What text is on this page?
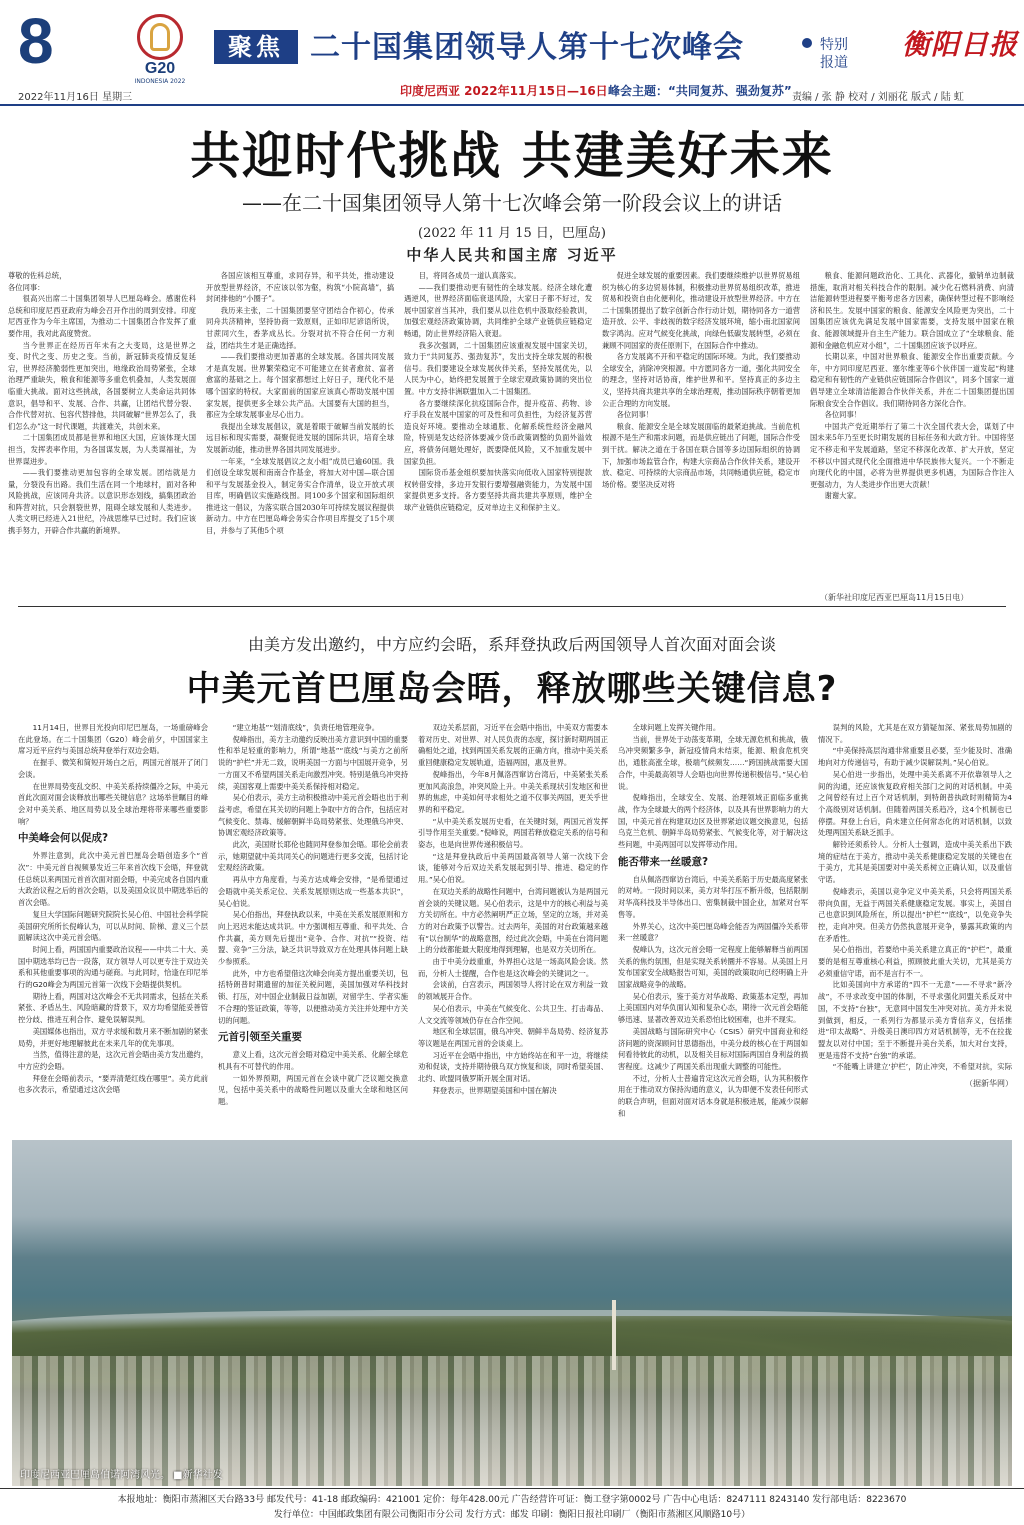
8	G20
INDONESIA 2022
聚焦 二十国集团领导人第十七次峰会	特别报道
衡阳日报
印度尼西亚 2022年11月15日—16日 峰会主题：“共同复苏、强劲复苏”
2022年11月16日 星期三	责编 / 张 静 校对 / 刘丽花 版式 / 陆 虹
共迎时代挑战 共建美好未来
——在二十国集团领导人第十七次峰会第一阶段会议上的讲话
(2022 年 11 月 15 日，巴厘岛)
中华人民共和国主席 习近平

尊敬的佐科总统，

各位同事：

很高兴出席二十国集团领导人巴厘岛峰会。感谢佐科总统和印度尼西亚政府为峰会召开作出的周到安排。印度尼西亚作为今年主席国，为推动二十国集团合作发挥了重要作用，我对此高度赞赏。

当今世界正在经历百年未有之大变局，这是世界之变、时代之变、历史之变。当前，新冠肺炎疫情反复延宕，世界经济脆弱性更加突出，地缘政治局势紧张，全球治理严重缺失，粮食和能源等多重危机叠加，人类发展面临重大挑战。面对这些挑战，各国要树立人类命运共同体意识，倡导和平、发展、合作、共赢，让团结代替分裂、合作代替对抗、包容代替排他，共同破解“世界怎么了，我们怎么办”这一时代课题，共渡难关，共创未来。

二十国集团成员都是世界和地区大国，应该体现大国担当，发挥表率作用，为各国谋发展，为人类谋福祉，为世界谋进步。

——我们要推动更加包容的全球发展。团结就是力量，分裂没有出路。我们生活在同一个地球村，面对各种风险挑战，应该同舟共济。以意识形态划线，搞集团政治和阵营对抗，只会割裂世界，阻碍全球发展和人类进步。人类文明已经进入21世纪，冷战思维早已过时。我们应该携手努力，开辟合作共赢的新境界。

各国应该相互尊重，求同存异，和平共处，推动建设开放型世界经济，不应该以邻为壑，构筑“小院高墙”，搞封闭排他的“小圈子”。

我历来主张，二十国集团要坚守团结合作初心，传承同舟共济精神，坚持协商一致原则，正如印尼谚语所说，甘蔗同穴生，香茅成丛长。分裂对抗不符合任何一方利益，团结共生才是正确选择。

——我们要推动更加普惠的全球发展。各国共同发展才是真发展。世界繁荣稳定不可能建立在贫者愈贫、富者愈富的基础之上。每个国家都想过上好日子，现代化不是哪个国家的特权。大家面前的国家应该真心帮助发展中国家发展，提供更多全球公共产品。大国要有大国的担当，都应为全球发展事业尽心出力。

我提出全球发展倡议，就是着眼于破解当前发展的长远目标和现实需要，凝聚促进发展的国际共识，培育全球发展新动能，推动世界各国共同发展进步。

一年来，“全球发展倡议之友小组”成员已逾60国。我们创设全球发展和南南合作基金，将加大对中国—联合国和平与发展基金投入，制定务实合作清单，设立开放式项目库，明确倡议实施路线图。同100多个国家和国际组织推进这一倡议，为落实联合国2030年可持续发展议程提供新动力。中方在巴厘岛峰会务实合作项目库提交了15个项目，并参与了其他5个项

目，将同各成员一道认真落实。

——我们要推动更有韧性的全球发展。经济全球化遭遇逆风，世界经济面临衰退风险，大家日子都不好过，发展中国家首当其冲，我们要从以往危机中汲取经验教训，加强宏观经济政策协调，共同维护全球产业链供应链稳定畅通，防止世界经济陷入衰退。

我多次强调，二十国集团应该重视发展中国家关切，致力于“共同复苏、强劲复苏”，发出支持全球发展的积极信号。我们要建设全球发展伙伴关系，坚持发展优先，以人民为中心，始终把发展置于全球宏观政策协调的突出位置。中方支持非洲联盟加入二十国集团。

各方要继续深化抗疫国际合作，提升疫苗、药物、诊疗手段在发展中国家的可及性和可负担性，为经济复苏营造良好环境。要推动全球通胀、化解系统性经济金融风险，特别是发达经济体要减少货币政策调整的负面外溢效应，将债务问题处理好，既要降低风险，又不加重发展中国家负担。

国际货币基金组织要加快落实向低收入国家特别提款权转借安排，多边开发银行要增强融资能力，为发展中国家提供更多支持。各方要坚持共商共建共享原则，维护全球产业链供应链稳定，反对单边主义和保护主义。

促进全球发展的重要因素。我们要继续维护以世界贸易组织为核心的多边贸易体制，积极推动世界贸易组织改革，推进贸易和投资自由化便利化，推动建设开放型世界经济。中方在二十国集团提出了数字创新合作行动计划，期待同各方一道营造开放、公平、非歧视的数字经济发展环境，缩小南北国家间数字鸿沟。应对气候变化挑战，向绿色低碳发展转型，必须在兼顾不同国家的责任原则下，在国际合作中推动。

各方发展离不开和平稳定的国际环境。为此，我们要推动全球安全，消除冲突根源。中方愿同各方一道，强化共同安全的理念，坚持对话协商，维护世界和平。坚持真正的多边主义，坚持共商共建共享的全球治理观，推动国际秩序朝着更加公正合理的方向发展。

各位同事！

粮食、能源安全是全球发展面临的最紧迫挑战。当前危机根源不是生产和需求问题，而是供应链出了问题，国际合作受到干扰。解决之道在于各国在联合国等多边国际组织的协调下，加强市场监管合作，构建大宗商品合作伙伴关系，建设开放、稳定、可持续的大宗商品市场，共同畅通供应链，稳定市场价格。要坚决反对将

粮食、能源问题政治化、工具化、武器化，撤销单边制裁措施，取消对相关科技合作的限制。减少化石燃料消费、向清洁能源转型进程要平衡考虑各方因素，确保转型过程不影响经济和民生。发展中国家的粮食、能源安全风险更为突出，二十国集团应该优先满足发展中国家需要，支持发展中国家在粮食、能源领域提升自主生产能力。联合国成立了“全球粮食、能源和金融危机应对小组”，二十国集团应该予以呼应。

长期以来，中国对世界粮食、能源安全作出重要贡献。今年，中方同印度尼西亚、塞尔维亚等6个伙伴国一道发起“构建稳定和有韧性的产业链供应链国际合作倡议”，同多个国家一道倡导建立全球清洁能源合作伙伴关系，并在二十国集团提出国际粮食安全合作倡议。我们期待同各方深化合作。

各位同事！

中国共产党近期举行了第二十次全国代表大会，谋划了中国未来5年乃至更长时期发展的目标任务和大政方针。中国将坚定不移走和平发展道路，坚定不移深化改革、扩大开放，坚定不移以中国式现代化全面推进中华民族伟大复兴。一个不断走向现代化的中国，必将为世界提供更多机遇，为国际合作注入更强动力，为人类进步作出更大贡献！

谢谢大家。

（新华社印度尼西亚巴厘岛11月15日电）
由美方发出邀约，中方应约会晤，系拜登执政后两国领导人首次面对面会谈
中美元首巴厘岛会晤，释放哪些关键信息?

11月14日，世界目光投向印尼巴厘岛，一场重磅峰会在此登场。在二十国集团（G20）峰会前夕，中国国家主席习近平应约与美国总统拜登举行双边会晤。

在握手、微笑和简短开场白之后，两国元首展开了闭门会谈。

在世界局势变乱交织、中美关系持续僵冷之际，中美元首此次面对面会谈释放出哪些关键信息？这场举世瞩目的峰会对中美关系、地区局势以及全球治理将带来哪些重要影响？

中美峰会何以促成?

外界注意到，此次中美元首巴厘岛会晤创造多个“首次”：中美元首自视频暴发近三年来首次线下会晤，拜登就任总统以来两国元首首次面对面会晤，中美完成各自国内重大政治议程之后的首次会晤，以及美国众议员中期选举后的首次会晤。

复旦大学国际问题研究院院长吴心伯、中国社会科学院美国研究所所长倪峰认为，可以从时间、阶梯、意义三个层面解读这次中美元首会晤。

时间上看，两国国内重要政治议程——中共二十大、美国中期选举均已告一段落，双方领导人可以更专注于双边关系和其他重要事项的沟通与磋商。与此同时，恰逢在印尼举行的G20峰会为两国元首第一次线下会晤提供契机。

期待上看，两国对这次峰会不无共同需求，包括在关系紧张、矛盾丛生、风险暗藏的背景下，双方均希望能妥善管控分歧、推进互利合作、避免误解误判。

美国媒体也指出，双方寻求缓和数月来不断加剧的紧张局势，并更好地理解彼此在未来几年的优先事项。

当然，值得注意的是，这次元首会晤由美方发出邀约，中方应约会晤。

拜登在会晤前表示，“要弄清楚红线在哪里”。美方此前也多次表示，希望通过这次会晤

“建立地基”“划清底线”，负责任地管理竞争。

倪峰指出，美方主动邀约反映出美方意识到中国的重要性和举足轻重的影响力，所谓“地基”“底线”与美方之前所说的“护栏”并无二致，说明美国一方面与中国展开竞争，另一方面又不希望两国关系走向激烈冲突。特别是俄乌冲突持续，美国客观上需要中美关系保持相对稳定。

吴心伯表示，美方主动积极推动中美元首会晤也出于利益考虑，希望在其关切的问题上争取中方的合作，包括应对气候变化、禁毒、缓解朝鲜半岛局势紧张、处理俄乌冲突、协调宏观经济政策等。

此次，美国财长耶伦也随同拜登参加会晤。耶伦会前表示，她期望就中美共同关心的问题进行更多交流，包括讨论宏观经济政策。

再从中方角度看，与美方达成峰会安排，“是希望通过会晤就中美关系定位、关系发展原则达成一些基本共识”，吴心伯说。

吴心伯指出，拜登执政以来，中美在关系发展原则和方向上迟迟未能达成共识。中方强调相互尊重、和平共处、合作共赢，美方则先后提出“竞争、合作、对抗”“投资、结盟、竞争”三分法，缺乏共识导致双方在处理具体问题上缺少参照系。

此外，中方也希望借这次峰会向美方提出重要关切，包括特朗普时期遗留的加征关税问题，美国加强对华科技封锁、打压，对中国企业制裁日益加剧，对留学生、学者实施不合理的签证政策，等等，以便推动美方关注并处理中方关切的问题。

元首引领至关重要

意义上看，这次元首会晤对稳定中美关系、化解全球危机具有不可替代的作用。

一如外界预期，两国元首在会谈中就广泛议题交换意见，包括中美关系中的战略性问题以及重大全球和地区问题。

双边关系层面，习近平在会晤中指出，中美双方需要本着对历史、对世界、对人民负责的态度，探讨新时期两国正确相处之道，找到两国关系发展的正确方向，推动中美关系重回健康稳定发展轨道，造福两国，惠及世界。

倪峰指出，今年8月佩洛西窜访台湾后，中美紧张关系更加风高浪急，冲突风险上升。中美关系现状引发地区和世界的焦虑，中美如何寻求相处之道不仅事关两国，更关乎世界的和平稳定。

“从中美关系发展历史看，在关键时刻，两国元首发挥引导作用至关重要。”倪峰说，两国若释放稳定关系的信号和姿态，也是向世界传递积极信号。

“这是拜登执政后中美两国最高领导人第一次线下会谈，能够对今后双边关系发展起到引导、推进、稳定的作用。”吴心伯说。

在双边关系的战略性问题中，台湾问题被认为是两国元首会谈的关键议题。吴心伯表示，这是中方的核心利益与美方关切所在。中方必然阐明严正立场，坚定的立场，并对美方的对台政策予以警告。过去两年，美国的对台政策越来越有“以台制华”的战略意图，经过此次会晤，中美在台湾问题上的分歧都能最大限度地得到理解，也是双方关切所在。

由于中美分歧重重，外界担心这是一场高风险会谈。然而，分析人士提醒，合作也是这次峰会的关键词之一。

会谈前，白宫表示，两国领导人将讨论在双方利益一致的领域展开合作。

吴心伯表示，中美在气候变化、公共卫生、打击毒品、人文交流等领域仍存在合作空间。

地区和全球层面，俄乌冲突、朝鲜半岛局势、经济复苏等议题是在两国元首的会谈桌上。

习近平在会晤中指出，中方始终站在和平一边，将继续劝和促谈，支持并期待俄乌双方恢复和谈，同时希望美国、北约、欧盟同俄罗斯开展全面对话。

拜登表示，世界期望美国和中国在解决

全球问题上发挥关键作用。

当前，世界处于动荡变革期，全球无源危机和挑战，俄乌冲突频繁多争，新冠疫情尚未结束，能源、粮食危机突出，通胀高涨全球，极端气候频发……“跨国挑战需要大国合作，中美最高领导人会晤也向世界传递积极信号。”吴心伯说。

倪峰指出，全球安全、发展、治理领域正面临多重挑战，作为全球最大的两个经济体，以及具有世界影响力的大国，中美元首在构建双边区及世界紧迫议题交换意见，包括乌克兰危机、朝鲜半岛局势紧张、气候变化等，对于解决这些问题，中美两国可以发挥带动作用。

能否带来一丝暖意?

自从佩洛西窜访台湾后，中美关系陷于历史最高度紧张的对峙。一段时间以来，美方对华打压不断升级，包括限制对华高科技及半导体出口、密集制裁中国企业，加紧对台军售等。

外界关心，这次中美巴厘岛峰会能否为两国僵冷关系带来一丝暖意？

倪峰认为，这次元首会晤一定程度上能够解释当前两国关系的焦灼氛围，但是实现关系转圜并不容易。从美国上月发布国家安全战略报告可知，美国的政策取向已经明确上升国家战略竞争的战略。

吴心伯表示，鉴于美方对华战略、政策基本定型，再加上美国国内对华负面认知和复杂心态，期待一次元首会晤能够迅速、显著改善双边关系恐怕比较困难，也并不现实。

美国战略与国际研究中心（CSIS）研究中国商业和经济问题的资深顾问甘思德指出，中美分歧的核心在于两国如何看待彼此的动机，以及相关目标对国际两国自身利益的损害程度。这减少了两国关系出现重大调整的可能性。

不过，分析人士普遍肯定这次元首会晤，认为其积极作用在于推动双方保持沟通的意义，认为即便不发表任何形式的联合声明，但面对面对话本身就是积极进展，能减少误解和

误判的风险，尤其是在双方猜疑加深、紧张局势加剧的情况下。

“中美保持高层沟通非常重要且必要，至少能及时、准确地向对方传递信号，有助于减少误解误判。”吴心伯说。

吴心伯进一步指出，处理中美关系离不开依靠领导人之间的沟通，还应该恢复政府相关部门之间的对话机制。中美之间曾经有过上百个对话机制，到特朗普执政时则精简为4个高级别对话机制。但随着两国关系趋冷，这4个机制也已停摆。拜登上台后，尚未建立任何常态化的对话机制，以致处理两国关系缺乏抓手。

解铃还须系铃人。分析人士强调，造成中美关系出下跌境的症结在于美方，推动中美关系健康稳定发展的关键也在于美方，尤其是美国要对中美关系树立正确认知，以及重信守诺。

倪峰表示，美国以竞争定义中美关系，只会将两国关系带向负面，无益于两国关系健康稳定发展。事实上，美国自己也意识到风险所在，所以提出“护栏”“底线”，以免竞争失控，走向冲突。但美方仍然执意展开竞争，暴露其政策的内在矛盾性。

吴心伯指出，若要给中美关系建立真正的“护栏”，最重要的是相互尊重核心利益，照顾彼此重大关切，尤其是美方必须重信守诺，而不是言行不一。

比如美国向中方承诺的“四不一无意”——不寻求“新冷战”，不寻求改变中国的体制，不寻求强化同盟关系反对中国，不支持“台独”，无意同中国发生冲突对抗。美方并未说到做到，相反，一系列行为都显示美方背信弃义，包括推进“印太战略”、升级美日澳印四方对话机制等，无不在拉拢盟友以对付中国；至于不断提升美台关系，加大对台支持，更是违背不支持“台独”的承诺。

“不能嘴上讲建立‘护栏’，防止冲突，不希望对抗，实际

（据新华网）
印度尼西亚巴厘岛伯诺阿湾风光。 ■新华社发
本报地址：衡阳市蒸湘区天台路33号 邮发代号：41-18 邮政编码：421001 定价：每年428.00元 广告经营许可证：衡工登字第0002号 广告中心电话：8247111 8243140 发行部电话：8223670
发行单位：中国邮政集团有限公司衡阳市分公司 发行方式：邮发 印刷：衡阳日报社印刷厂（衡阳市蒸湘区风顺路10号）
